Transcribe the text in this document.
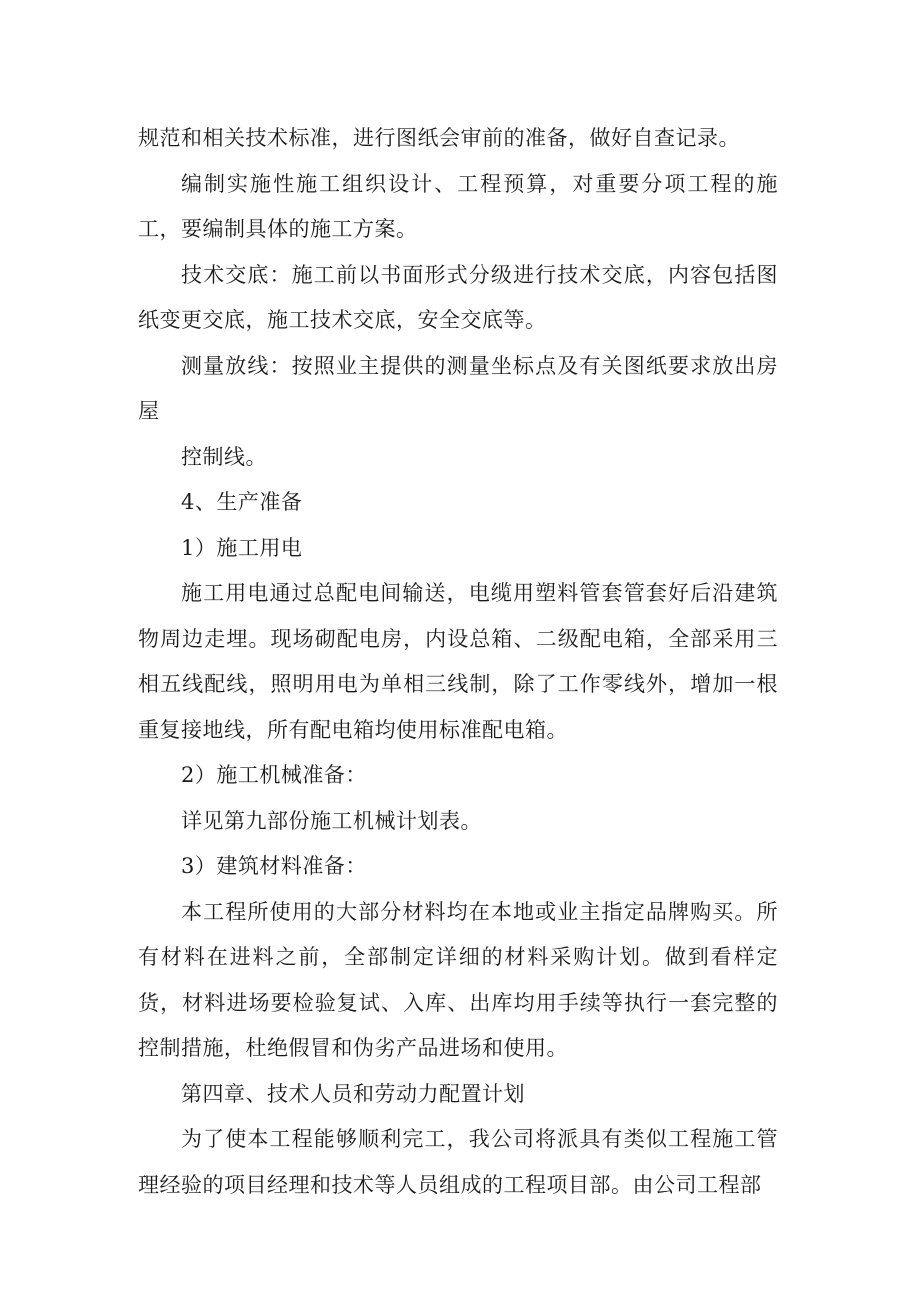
规范和相关技术标准，进行图纸会审前的准备，做好自查记录。

编制实施性施工组织设计、工程预算，对重要分项工程的施工，要编制具体的施工方案。

技术交底：施工前以书面形式分级进行技术交底，内容包括图纸变更交底，施工技术交底，安全交底等。

测量放线：按照业主提供的测量坐标点及有关图纸要求放出房屋

控制线。

4、生产准备

1）施工用电

施工用电通过总配电间输送，电缆用塑料管套管套好后沿建筑物周边走埋。现场砌配电房，内设总箱、二级配电箱，全部采用三相五线配线，照明用电为单相三线制，除了工作零线外，增加一根重复接地线，所有配电箱均使用标准配电箱。

2）施工机械准备：

详见第九部份施工机械计划表。

3）建筑材料准备：

本工程所使用的大部分材料均在本地或业主指定品牌购买。所有材料在进料之前，全部制定详细的材料采购计划。做到看样定货，材料进场要检验复试、入库、出库均用手续等执行一套完整的控制措施，杜绝假冒和伪劣产品进场和使用。

第四章、技术人员和劳动力配置计划

为了使本工程能够顺利完工，我公司将派具有类似工程施工管理经验的项目经理和技术等人员组成的工程项目部。由公司工程部
